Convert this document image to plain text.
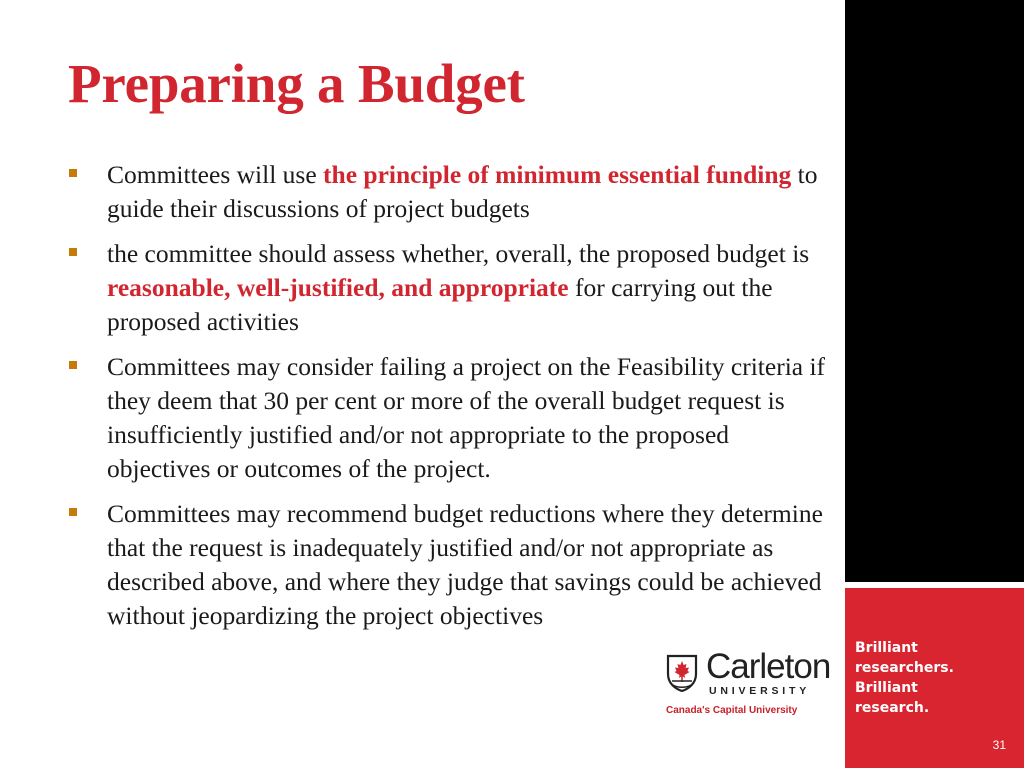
Preparing a Budget
Committees will use the principle of minimum essential funding to guide their discussions of project budgets
the committee should assess whether, overall, the proposed budget is reasonable, well-justified, and appropriate for carrying out the proposed activities
Committees may consider failing a project on the Feasibility criteria if they deem that 30 per cent or more of the overall budget request is insufficiently justified and/or not appropriate to the proposed objectives or outcomes of the project.
Committees may recommend budget reductions where they determine that the request is inadequately justified and/or not appropriate as described above, and where they judge that savings could be achieved without jeopardizing the project objectives
Carleton
UNIVERSITY
Canada's Capital University
31
Brilliant
researchers.
Brilliant
research.
